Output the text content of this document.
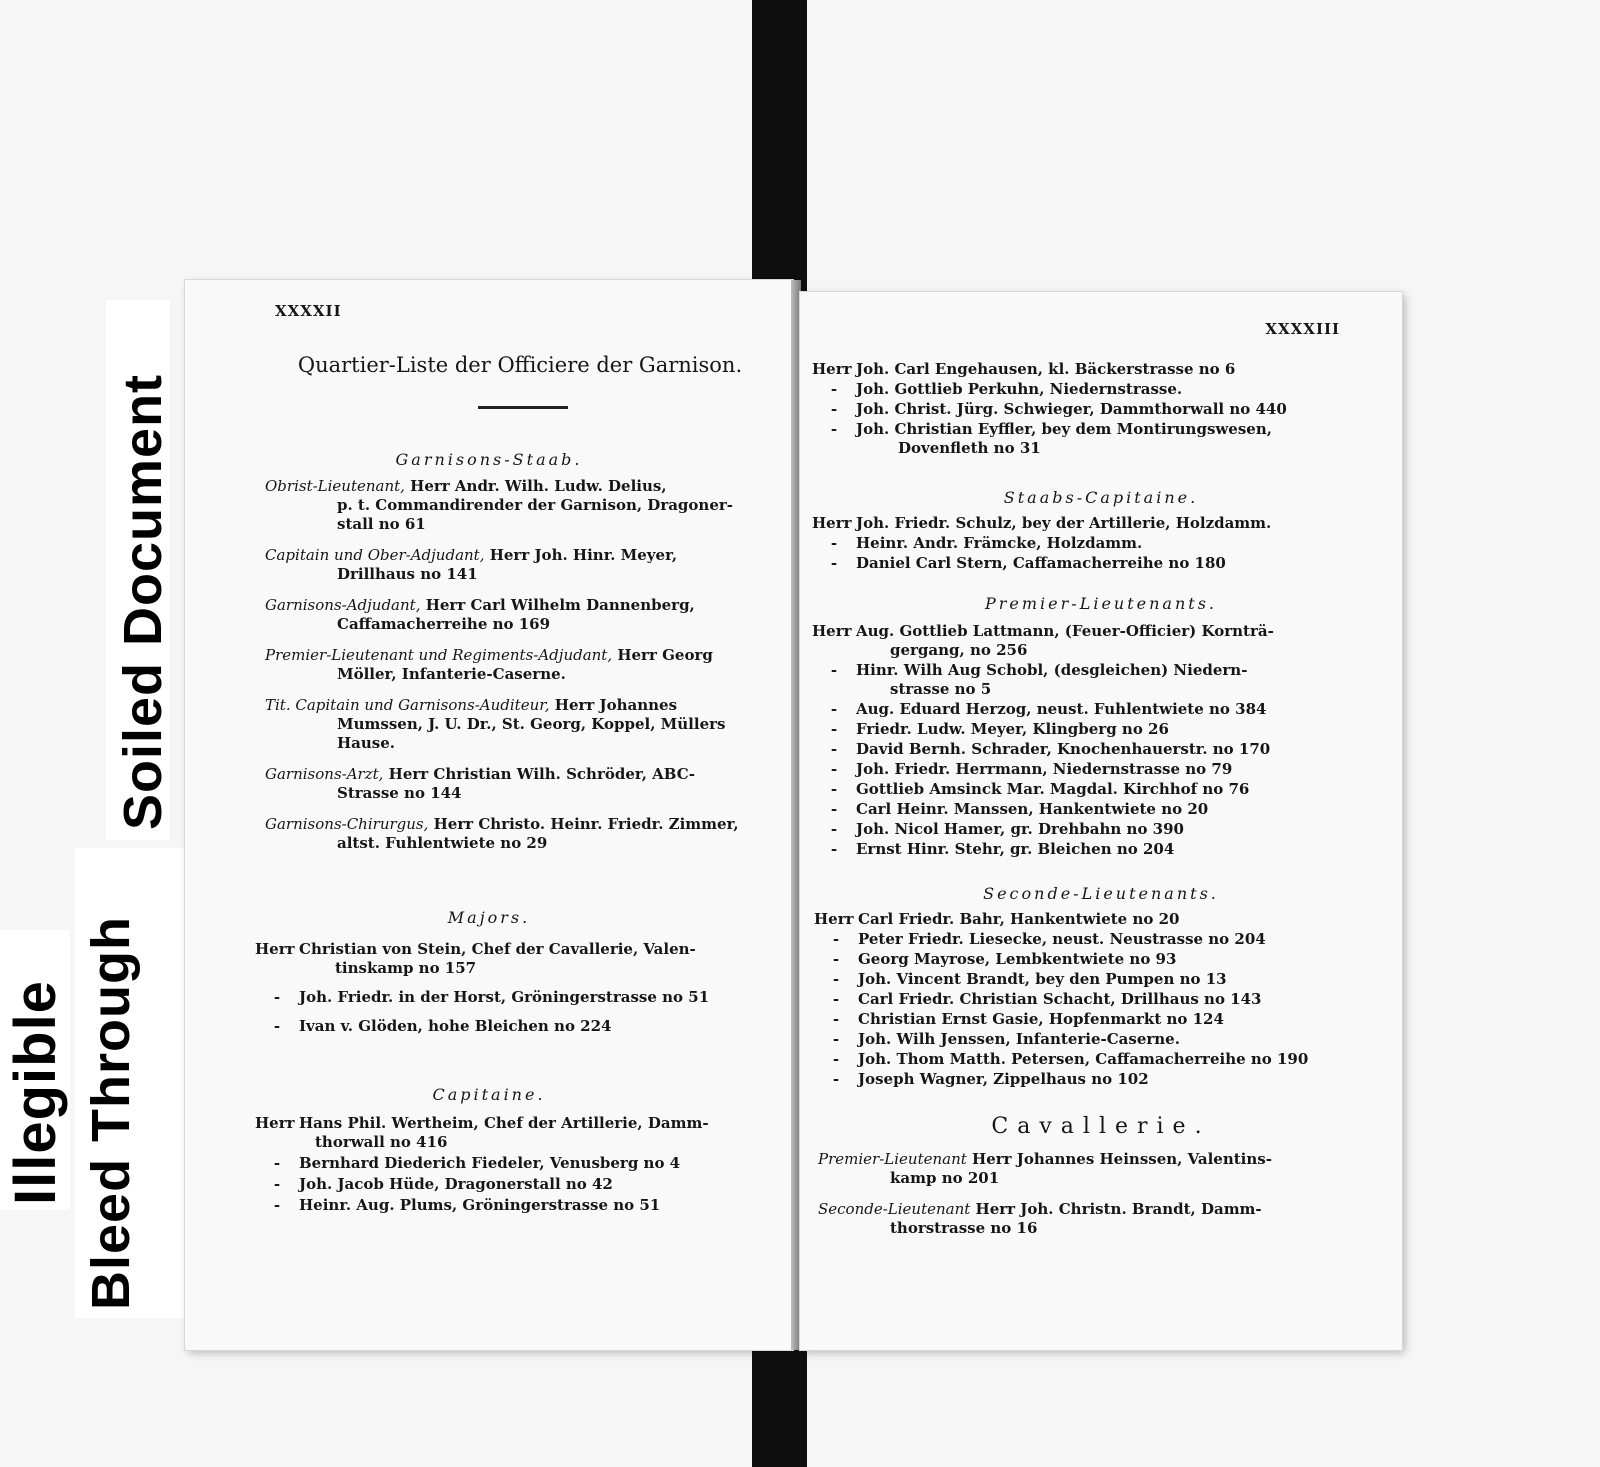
Soiled Document
Bleed Through
Illegible
XXXXII
Quartier-Liste der Officiere der Garnison.
Garnisons-Staab.
Obrist-Lieutenant, Herr Andr. Wilh. Ludw. Delius,
p. t. Commandirender der Garnison, Dragoner-
stall no 61
Capitain und Ober-Adjudant, Herr Joh. Hinr. Meyer,
Drillhaus no 141
Garnisons-Adjudant, Herr Carl Wilhelm Dannenberg,
Caffamacherreihe no 169
Premier-Lieutenant und Regiments-Adjudant, Herr Georg
Möller, Infanterie-Caserne.
Tit. Capitain und Garnisons-Auditeur, Herr Johannes
Mumssen, J. U. Dr., St. Georg, Koppel, Müllers
Hause.
Garnisons-Arzt, Herr Christian Wilh. Schröder, ABC-
Strasse no 144
Garnisons-Chirurgus, Herr Christo. Heinr. Friedr. Zimmer,
altst. Fuhlentwiete no 29
Majors.
Herr Christian von Stein, Chef der Cavallerie, Valen-
tinskamp no 157
- Joh. Friedr. in der Horst, Gröningerstrasse no 51
- Ivan v. Glöden, hohe Bleichen no 224
Capitaine.
Herr Hans Phil. Wertheim, Chef der Artillerie, Damm-
thorwall no 416
- Bernhard Diederich Fiedeler, Venusberg no 4
- Joh. Jacob Hüde, Dragonerstall no 42
- Heinr. Aug. Plums, Gröningerstrasse no 51
XXXXIII
Herr Joh. Carl Engehausen, kl. Bäckerstrasse no 6
- Joh. Gottlieb Perkuhn, Niedernstrasse.
- Joh. Christ. Jürg. Schwieger, Dammthorwall no 440
- Joh. Christian Eyffler, bey dem Montirungswesen,
Dovenfleth no 31
Staabs-Capitaine.
Herr Joh. Friedr. Schulz, bey der Artillerie, Holzdamm.
- Heinr. Andr. Främcke, Holzdamm.
- Daniel Carl Stern, Caffamacherreihe no 180
Premier-Lieutenants.
Herr Aug. Gottlieb Lattmann, (Feuer-Officier) Kornträ-
gergang, no 256
- Hinr. Wilh Aug Schobl, (desgleichen) Niedern-
strasse no 5
- Aug. Eduard Herzog, neust. Fuhlentwiete no 384
- Friedr. Ludw. Meyer, Klingberg no 26
- David Bernh. Schrader, Knochenhauerstr. no 170
- Joh. Friedr. Herrmann, Niedernstrasse no 79
- Gottlieb Amsinck Mar. Magdal. Kirchhof no 76
- Carl Heinr. Manssen, Hankentwiete no 20
- Joh. Nicol Hamer, gr. Drehbahn no 390
- Ernst Hinr. Stehr, gr. Bleichen no 204
Seconde-Lieutenants.
Herr Carl Friedr. Bahr, Hankentwiete no 20
- Peter Friedr. Liesecke, neust. Neustrasse no 204
- Georg Mayrose, Lembkentwiete no 93
- Joh. Vincent Brandt, bey den Pumpen no 13
- Carl Friedr. Christian Schacht, Drillhaus no 143
- Christian Ernst Gasie, Hopfenmarkt no 124
- Joh. Wilh Jenssen, Infanterie-Caserne.
- Joh. Thom Matth. Petersen, Caffamacherreihe no 190
- Joseph Wagner, Zippelhaus no 102
Cavallerie.
Premier-Lieutenant Herr Johannes Heinssen, Valentins-
kamp no 201
Seconde-Lieutenant Herr Joh. Christn. Brandt, Damm-
thorstrasse no 16
